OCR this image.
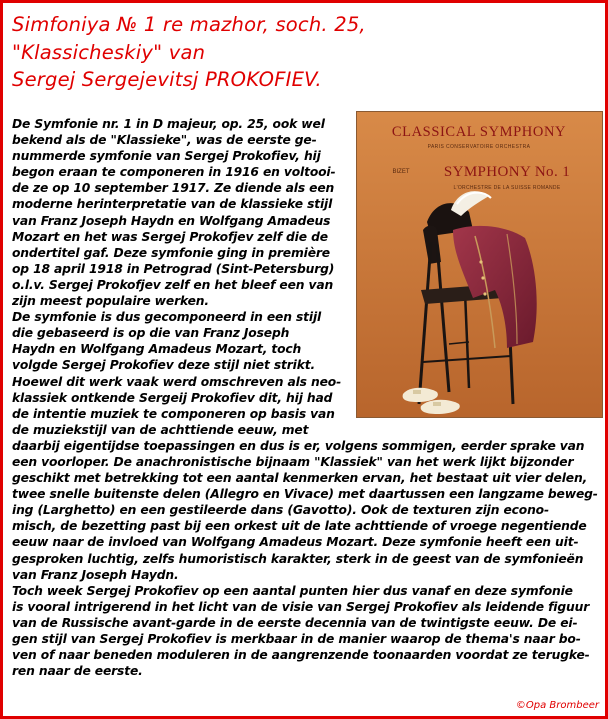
Simfoniya № 1 re mazhor, soch. 25,
"Klassicheskiy" van
Sergej Sergejevitsj PROKOFIEV.
CLASSICAL SYMPHONY
PARIS CONSERVATOIRE ORCHESTRA
BIZET SYMPHONY No. 1
L'ORCHESTRE DE LA SUISSE ROMANDE
De Symfonie nr. 1 in D majeur, op. 25, ook wel
bekend als de "Klassieke", was de eerste ge-
nummerde symfonie van Sergej Prokofiev, hij
begon eraan te componeren in 1916 en voltooi-
de ze op 10 september 1917. Ze diende als een
moderne herinterpretatie van de klassieke stijl
van Franz Joseph Haydn en Wolfgang Amadeus
Mozart en het was Sergej Prokofjev zelf die de
ondertitel gaf. Deze symfonie ging in première
op 18 april 1918 in Petrograd (Sint-Petersburg)
o.l.v. Sergej Prokofjev zelf en het bleef een van
zijn meest populaire werken.
De symfonie is dus gecomponeerd in een stijl
die gebaseerd is op die van Franz Joseph
Haydn en Wolfgang Amadeus Mozart, toch
volgde Sergej Prokofiev deze stijl niet strikt.
Hoewel dit werk vaak werd omschreven als neo-
klassiek ontkende Sergeij Prokofiev dit, hij had
de intentie muziek te componeren op basis van
de muziekstijl van de achttiende eeuw, met
daarbij eigentijdse toepassingen en dus is er, volgens sommigen, eerder sprake van
een voorloper. De anachronistische bijnaam "Klassiek" van het werk lijkt bijzonder
geschikt met betrekking tot een aantal kenmerken ervan, het bestaat uit vier delen,
twee snelle buitenste delen (Allegro en Vivace) met daartussen een langzame beweg-
ing (Larghetto) en een gestileerde dans (Gavotto). Ook de texturen zijn econo-
misch, de bezetting past bij een orkest uit de late achttiende of vroege negentiende
eeuw naar de invloed van Wolfgang Amadeus Mozart. Deze symfonie heeft een uit-
gesproken luchtig, zelfs humoristisch karakter, sterk in de geest van de symfonieën
van Franz Joseph Haydn.
Toch week Sergej Prokofiev op een aantal punten hier dus vanaf en deze symfonie
is vooral intrigerend in het licht van de visie van Sergej Prokofiev als leidende figuur
van de Russische avant-garde in de eerste decennia van de twintigste eeuw. De ei-
gen stijl van Sergej Prokofiev is merkbaar in de manier waarop de thema's naar bo-
ven of naar beneden moduleren in de aangrenzende toonaarden voordat ze terugke-
ren naar de eerste.
©Opa Brombeer
